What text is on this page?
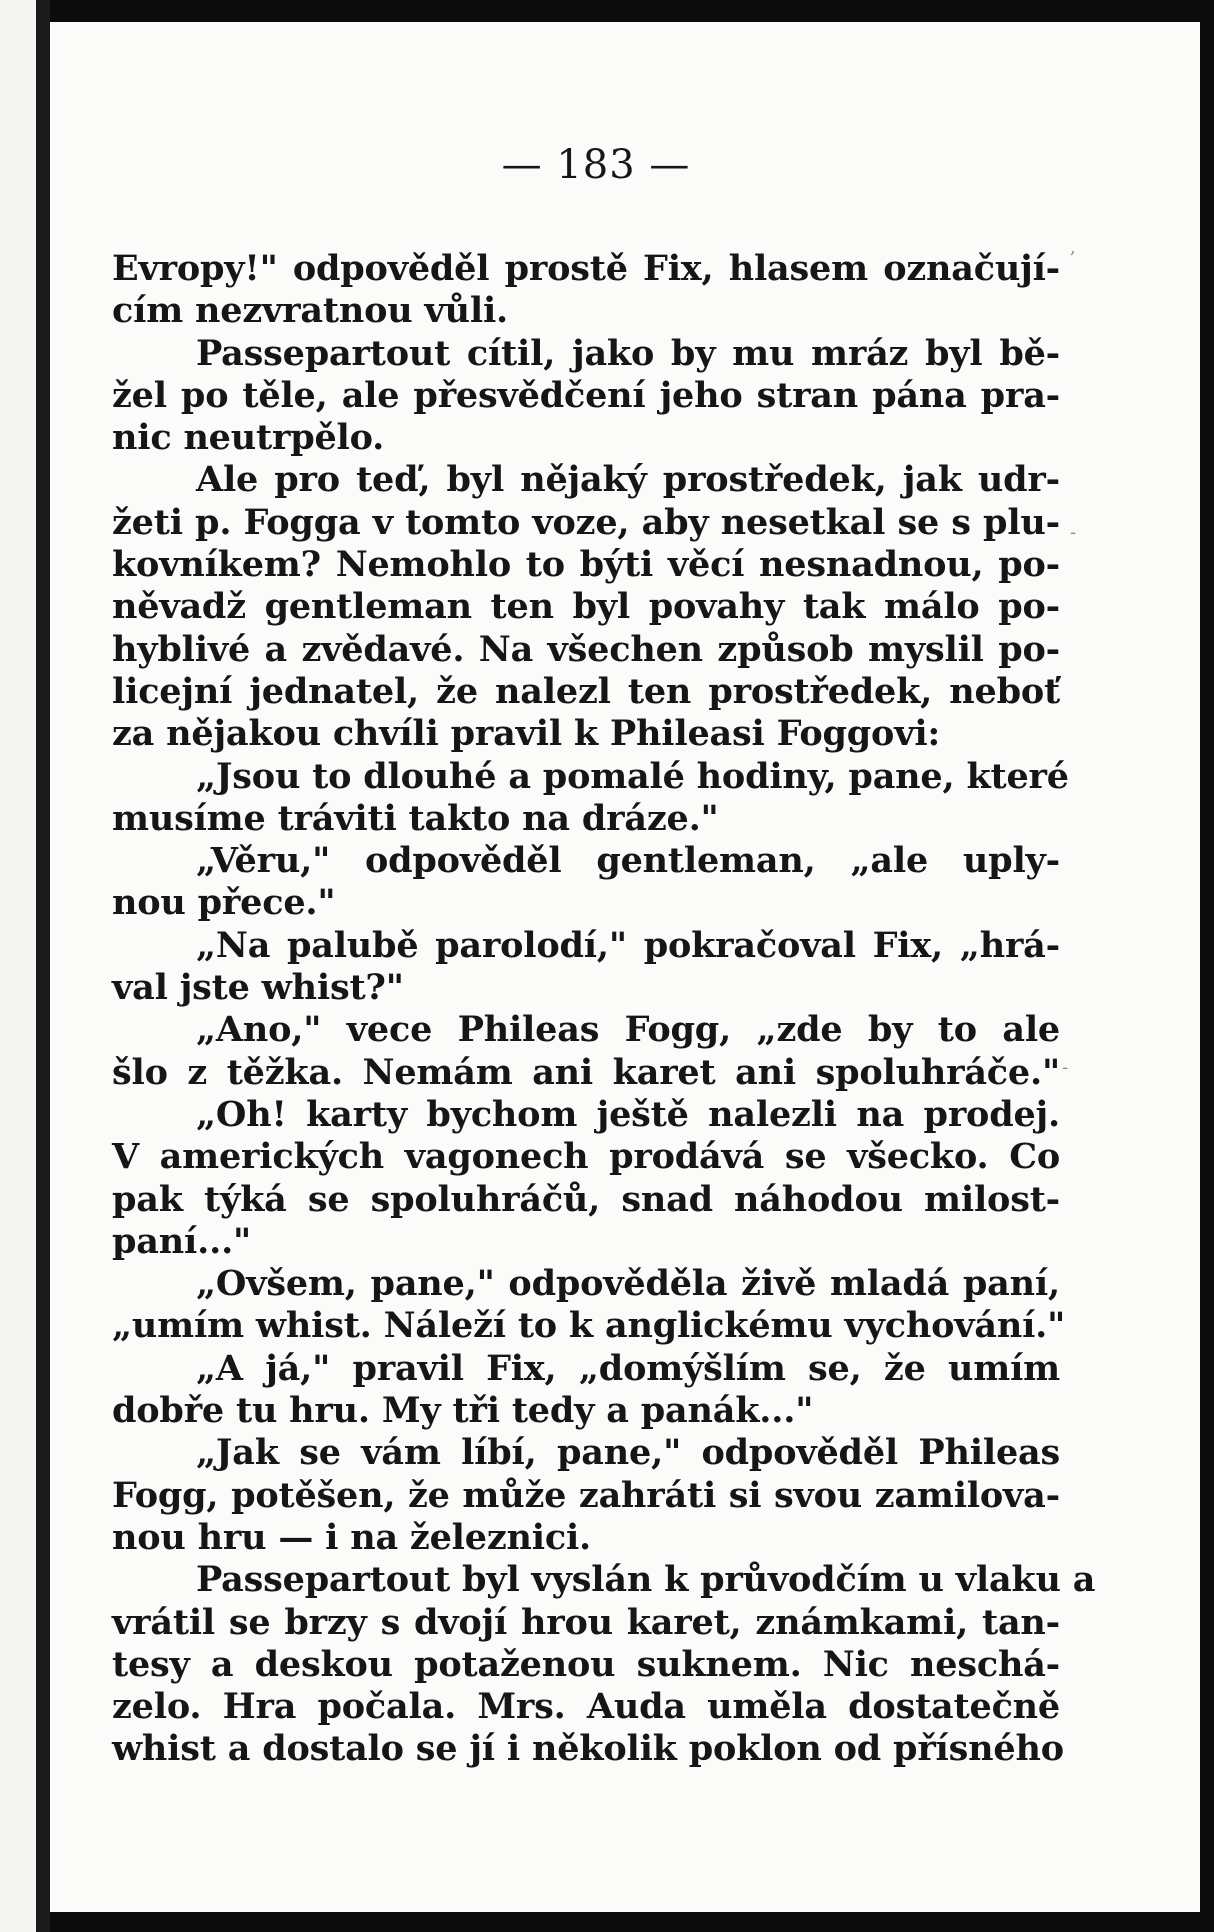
— 183 —
Evropy!" odpověděl prostě Fix, hlasem označují-
cím nezvratnou vůli.
Passepartout cítil, jako by mu mráz byl bě-
žel po těle, ale přesvědčení jeho stran pána pra-
nic neutrpělo.
Ale pro teď, byl nějaký prostředek, jak udr-
žeti p. Fogga v tomto voze, aby nesetkal se s plu-
kovníkem? Nemohlo to býti věcí nesnadnou, po-
něvadž gentleman ten byl povahy tak málo po-
hyblivé a zvědavé. Na všechen způsob myslil po-
licejní jednatel, že nalezl ten prostředek, neboť
za nějakou chvíli pravil k Phileasi Foggovi:
„Jsou to dlouhé a pomalé hodiny, pane, které
musíme tráviti takto na dráze."
„Věru," odpověděl gentleman, „ale uply-
nou přece."
„Na palubě parolodí," pokračoval Fix, „hrá-
val jste whist?"
„Ano," vece Phileas Fogg, „zde by to ale
šlo z těžka. Nemám ani karet ani spoluhráče."
„Oh! karty bychom ještě nalezli na prodej.
V amerických vagonech prodává se všecko. Co
pak týká se spoluhráčů, snad náhodou milost-
paní..."
„Ovšem, pane," odpověděla živě mladá paní,
„umím whist. Náleží to k anglickému vychování."
„A já," pravil Fix, „domýšlím se, že umím
dobře tu hru. My tři tedy a panák..."
„Jak se vám líbí, pane," odpověděl Phileas
Fogg, potěšen, že může zahráti si svou zamilova-
nou hru — i na železnici.
Passepartout byl vyslán k průvodčím u vlaku a
vrátil se brzy s dvojí hrou karet, známkami, tan-
tesy a deskou potaženou suknem. Nic neschá-
zelo. Hra počala. Mrs. Auda uměla dostatečně
whist a dostalo se jí i několik poklon od přísného
,
-
-
